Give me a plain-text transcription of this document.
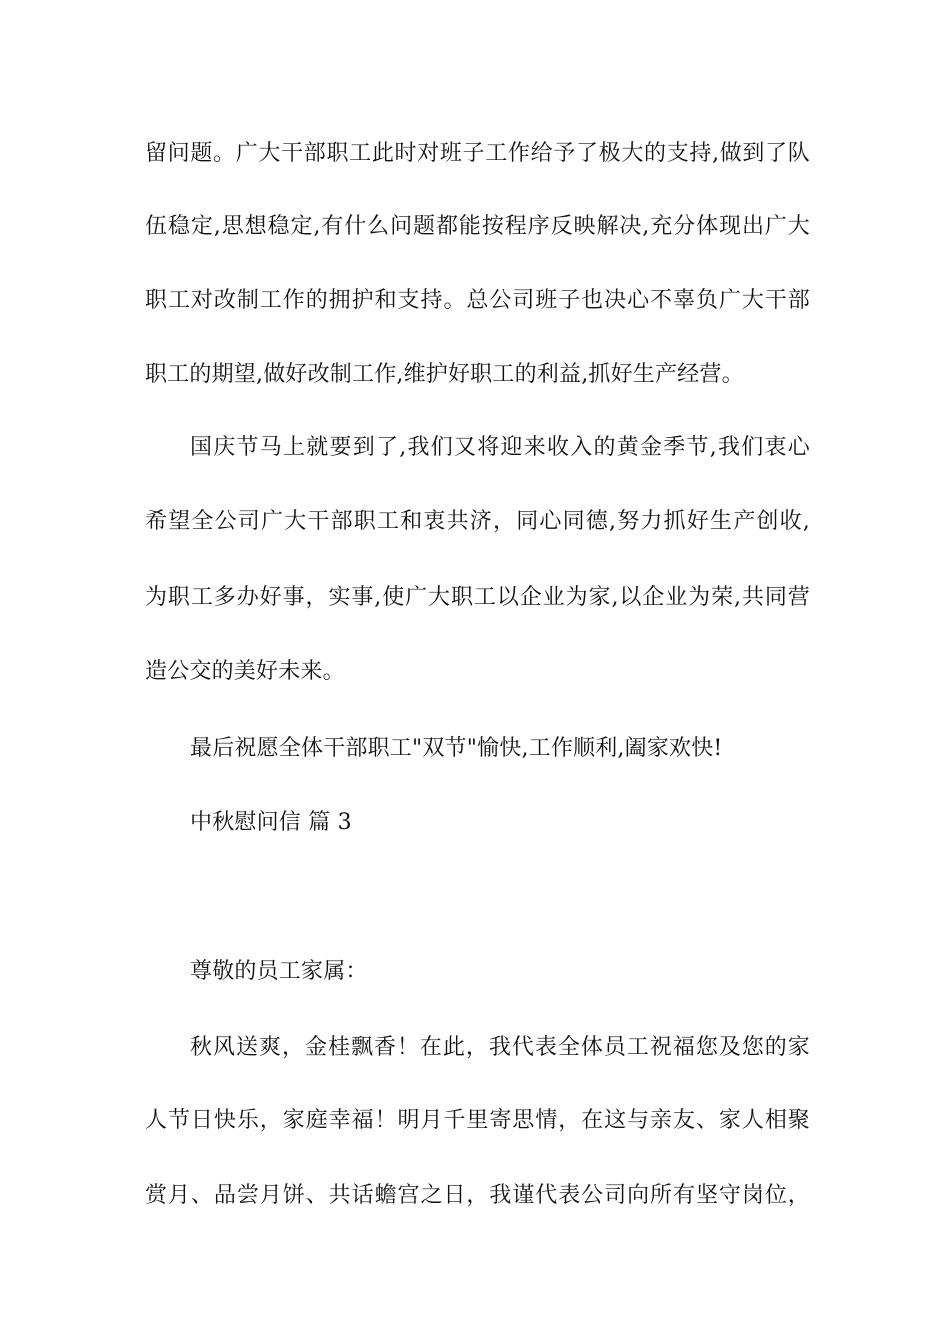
留问题。广大干部职工此时对班子工作给予了极大的支持,做到了队
伍稳定,思想稳定,有什么问题都能按程序反映解决,充分体现出广大
职工对改制工作的拥护和支持。总公司班子也决心不辜负广大干部
职工的期望,做好改制工作,维护好职工的利益,抓好生产经营。
国庆节马上就要到了,我们又将迎来收入的黄金季节,我们衷心
希望全公司广大干部职工和衷共济，同心同德,努力抓好生产创收,
为职工多办好事，实事,使广大职工以企业为家,以企业为荣,共同营
造公交的美好未来。
最后祝愿全体干部职工"双节"愉快,工作顺利,阖家欢快!
中秋慰问信 篇 3
尊敬的员工家属：
秋风送爽，金桂飘香！在此，我代表全体员工祝福您及您的家
人节日快乐，家庭幸福！明月千里寄思情，在这与亲友、家人相聚
赏月、品尝月饼、共话蟾宫之日，我谨代表公司向所有坚守岗位，
